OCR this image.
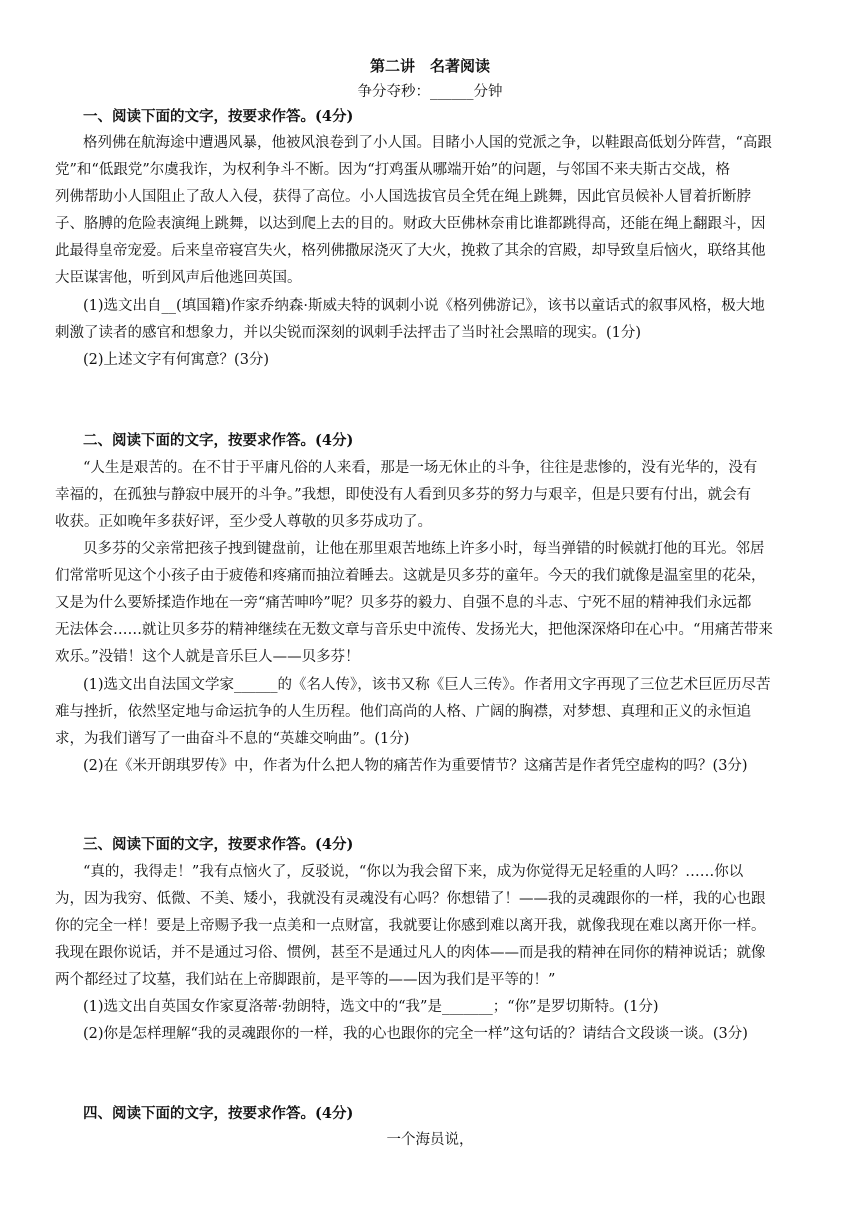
第二讲　名著阅读
争分夺秒：______分钟
一、阅读下面的文字，按要求作答。(4分)
格列佛在航海途中遭遇风暴，他被风浪卷到了小人国。目睹小人国的党派之争，以鞋跟高低划分阵营，“高跟
党”和“低跟党”尔虞我诈，为权利争斗不断。因为“打鸡蛋从哪端开始”的问题，与邻国不来夫斯古交战，格
列佛帮助小人国阻止了敌人入侵，获得了高位。小人国选拔官员全凭在绳上跳舞，因此官员候补人冒着折断脖
子、胳膊的危险表演绳上跳舞，以达到爬上去的目的。财政大臣佛林奈甫比谁都跳得高，还能在绳上翻跟斗，因
此最得皇帝宠爱。后来皇帝寝宫失火，格列佛撒尿浇灭了大火，挽救了其余的宫殿，却导致皇后恼火，联络其他
大臣谋害他，听到风声后他逃回英国。
(1)选文出自__(填国籍)作家乔纳森·斯威夫特的讽刺小说《格列佛游记》，该书以童话式的叙事风格，极大地
刺激了读者的感官和想象力，并以尖锐而深刻的讽刺手法抨击了当时社会黑暗的现实。(1分)
(2)上述文字有何寓意？(3分)
二、阅读下面的文字，按要求作答。(4分)
“人生是艰苦的。在不甘于平庸凡俗的人来看，那是一场无休止的斗争，往往是悲惨的，没有光华的，没有
幸福的，在孤独与静寂中展开的斗争。”我想，即使没有人看到贝多芬的努力与艰辛，但是只要有付出，就会有
收获。正如晚年多获好评，至少受人尊敬的贝多芬成功了。
贝多芬的父亲常把孩子拽到键盘前，让他在那里艰苦地练上许多小时，每当弹错的时候就打他的耳光。邻居
们常常听见这个小孩子由于疲倦和疼痛而抽泣着睡去。这就是贝多芬的童年。今天的我们就像是温室里的花朵，
又是为什么要矫揉造作地在一旁“痛苦呻吟”呢？贝多芬的毅力、自强不息的斗志、宁死不屈的精神我们永远都
无法体会……就让贝多芬的精神继续在无数文章与音乐史中流传、发扬光大，把他深深烙印在心中。“用痛苦带来
欢乐。”没错！这个人就是音乐巨人——贝多芬！
(1)选文出自法国文学家______的《名人传》，该书又称《巨人三传》。作者用文字再现了三位艺术巨匠历尽苦
难与挫折，依然坚定地与命运抗争的人生历程。他们高尚的人格、广阔的胸襟，对梦想、真理和正义的永恒追
求，为我们谱写了一曲奋斗不息的“英雄交响曲”。(1分)
(2)在《米开朗琪罗传》中，作者为什么把人物的痛苦作为重要情节？这痛苦是作者凭空虚构的吗？(3分)
三、阅读下面的文字，按要求作答。(4分)
“真的，我得走！”我有点恼火了，反驳说，“你以为我会留下来，成为你觉得无足轻重的人吗？……你以
为，因为我穷、低微、不美、矮小，我就没有灵魂没有心吗？你想错了！——我的灵魂跟你的一样，我的心也跟
你的完全一样！要是上帝赐予我一点美和一点财富，我就要让你感到难以离开我，就像我现在难以离开你一样。
我现在跟你说话，并不是通过习俗、惯例，甚至不是通过凡人的肉体——而是我的精神在同你的精神说话；就像
两个都经过了坟墓，我们站在上帝脚跟前，是平等的——因为我们是平等的！”
(1)选文出自英国女作家夏洛蒂·勃朗特，选文中的“我”是_______；“你”是罗切斯特。(1分)
(2)你是怎样理解“我的灵魂跟你的一样，我的心也跟你的完全一样”这句话的？请结合文段谈一谈。(3分)
四、阅读下面的文字，按要求作答。(4分)
一个海员说，
